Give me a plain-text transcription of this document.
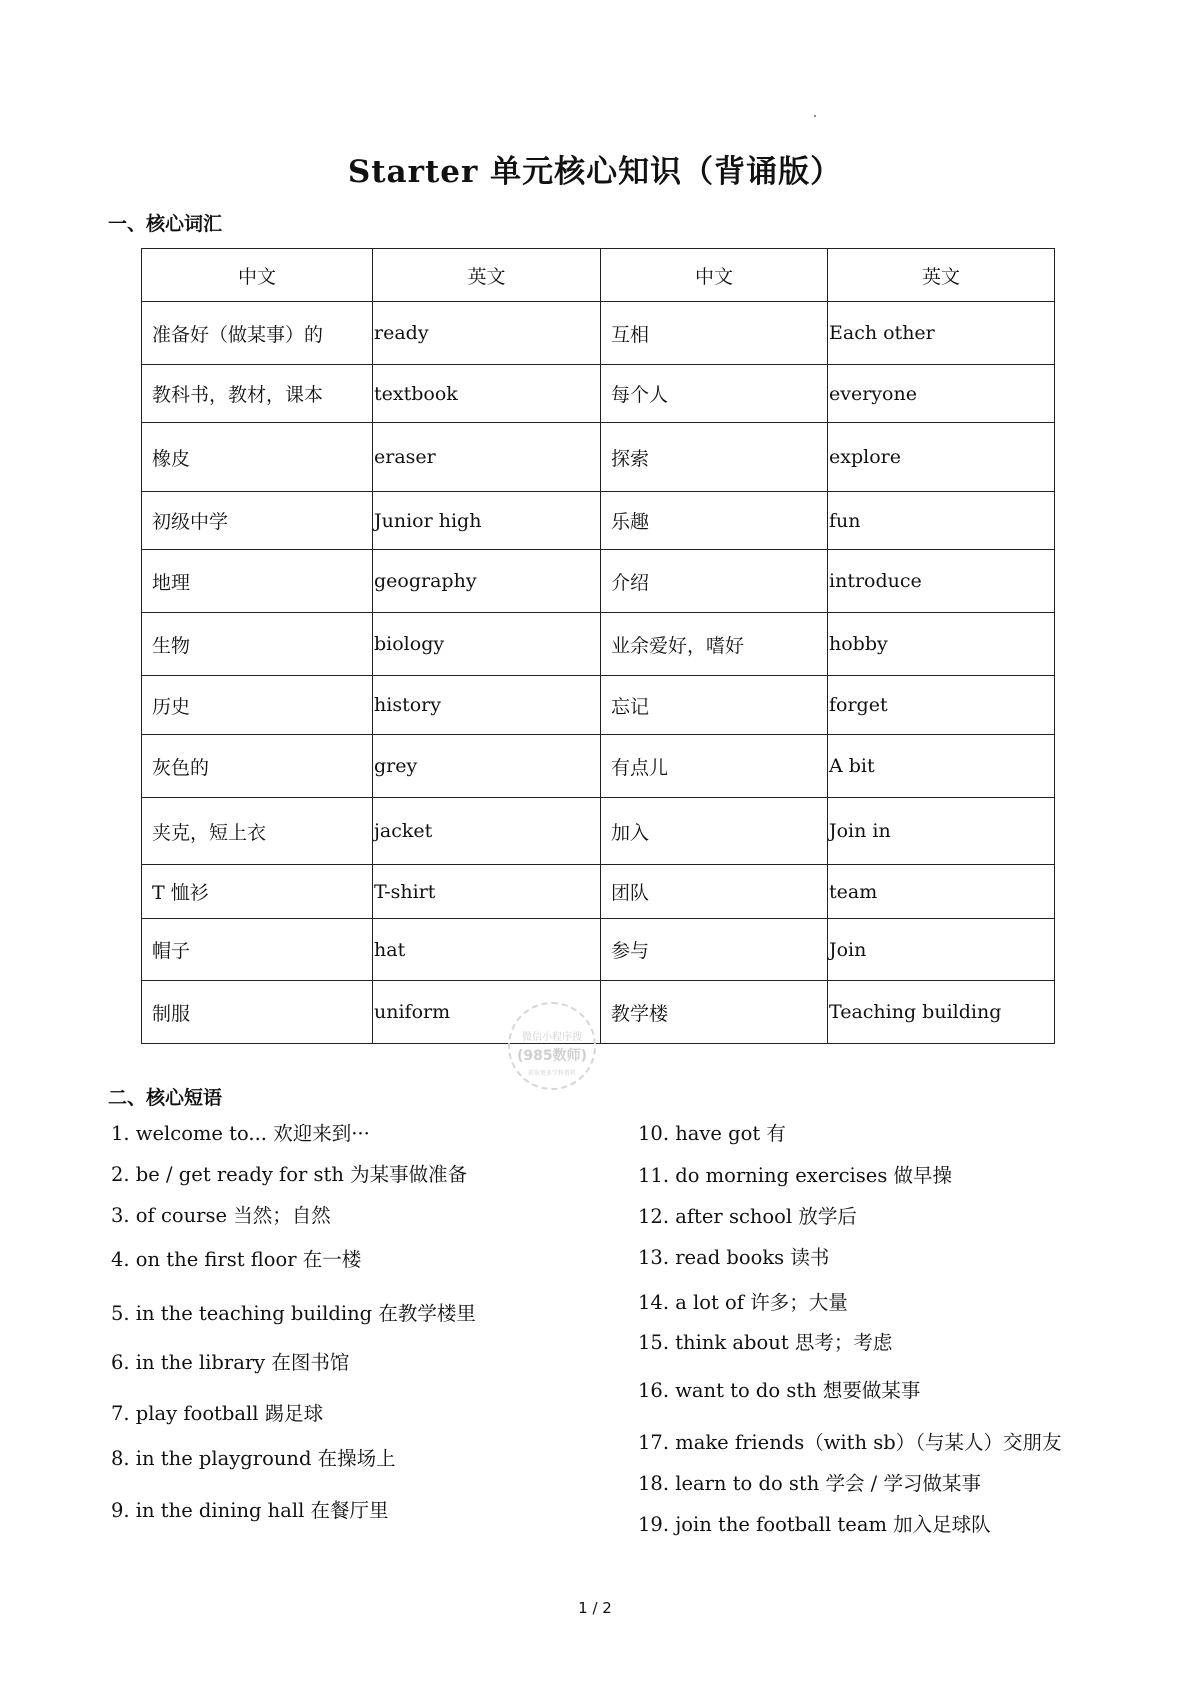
Starter 单元核心知识（背诵版）
一、核心词汇
中文	英文	中文	英文
准备好（做某事）的	ready	互相	Each other
教科书，教材，课本	textbook	每个人	everyone
橡皮	eraser	探索	explore
初级中学	Junior high	乐趣	fun
地理	geography	介绍	introduce
生物	biology	业余爱好，嗜好	hobby
历史	history	忘记	forget
灰色的	grey	有点儿	A bit
夹克，短上衣	jacket	加入	Join in
T 恤衫	T-shirt	团队	team
帽子	hat	参与	Join
制服	uniform	教学楼	Teaching building
微信小程序搜
(985数师)
获取更多学科资料
二、核心短语
1. welcome to... 欢迎来到···
2. be / get ready for sth 为某事做准备
3. of course 当然；自然
4. on the first floor 在一楼
5. in the teaching building 在教学楼里
6. in the library 在图书馆
7. play football 踢足球
8. in the playground 在操场上
9. in the dining hall 在餐厅里
10. have got 有
11. do morning exercises 做早操
12. after school 放学后
13. read books 读书
14. a lot of 许多；大量
15. think about 思考；考虑
16. want to do sth 想要做某事
17. make friends（with sb）（与某人）交朋友
18. learn to do sth 学会 / 学习做某事
19. join the football team 加入足球队
1 / 2
